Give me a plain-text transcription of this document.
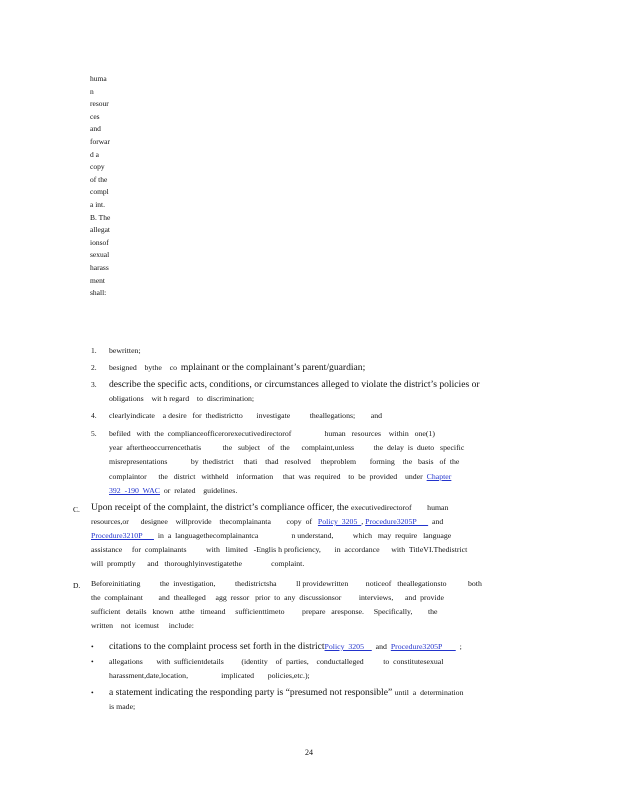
huma
n
resour
ces
and
forwar
d a
copy
of the
compl
a int.
B. The
allegat
ionsof
sexual
harass
ment
shall:
1. bewritten;
2. besigned    bythe    co  mplainant or the complainant’s parent/guardian;
3. describe the specific acts, conditions, or circumstances alleged to violate the district’s policies or
obligations    wit h regard    to  discrimination;
4. clearlyindicate    a desire   for  thedistrictto       investigate          theallegations;        and
5. befiled   with  the  complianceofficerorexecutivedirectorof                 human   resources    within   one(1)
year  aftertheoccurrencethatis           the   subject    of   the      complaint,unless          the  delay  is  dueto   specific
misrepresentations            by  thedistrict     thati    thad   resolved     theproblem       forming    the   basis   of  the
complaintor      the   district   withheld    information     that  was  required    to  be  provided    under  Chapter
392  -190  WAC  or  related    guidelines.
C. Upon receipt of the complaint, the district’s compliance officer, the executivedirectorof        human
resources,or      designee    willprovide    thecomplainanta        copy  of   Policy  3205  , Procedure3205P        and
Procedure3210P        in  a  languagethecomplainantca                 n understand,          which   may  require   language
assistance     for  complainants          with   limited   -Englis h proficiency,       in  accordance      with  TitleVI.Thedistrict
will  promptly      and   thoroughlyinvestigatethe               complaint.
D. Beforeinitiating          the  investigation,          thedistrictsha          ll providewritten         noticeof   theallegationsto           both
the  complainant        and  thealleged     agg  ressor   prior  to  any  discussionsor         interviews,      and  provide
sufficient   details   known   atthe   timeand     sufficienttimeto         prepare   aresponse.     Specifically,        the
written    not  icemust     include:
• citations to the complaint process set forth in the districtPolicy  3205      and  Procedure3205P         ;
• allegations       with  sufficientdetails         (identity    of  parties,    conductalleged          to  constitutesexual
harassment,date,location,                 implicated       policies,etc.);
• a statement indicating the responding party is “presumed not responsible” until  a  determination
is made;
24
